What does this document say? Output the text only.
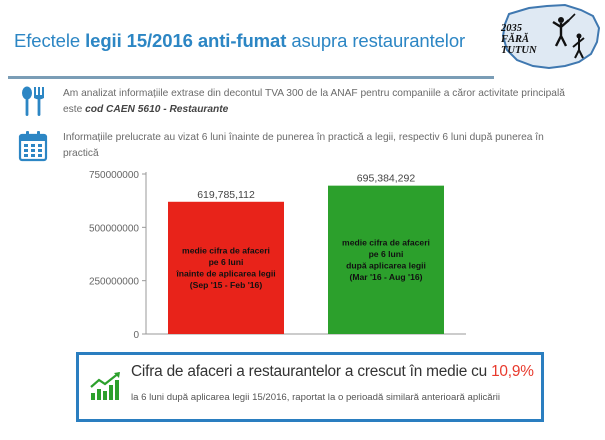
Efectele legii 15/2016 anti-fumat asupra restaurantelor
2035
FĂRĂ
TUTUN
Am analizat informațiile extrase din decontul TVA 300 de la ANAF pentru companiile a căror activitate principală este cod CAEN 5610 - Restaurante
Informațiile prelucrate au vizat 6 luni înainte de punerea în practică a legii, respectiv 6 luni după punerea în practică
0
250000000
500000000
750000000
619,785,112
medie cifra de afaceri
pe 6 luni
înainte de aplicarea legii
(Sep '15 - Feb '16)
695,384,292
medie cifra de afaceri
pe 6 luni
după aplicarea legii
(Mar '16 - Aug '16)
Cifra de afaceri a restaurantelor a crescut în medie cu 10,9%
la 6 luni după aplicarea legii 15/2016, raportat la o perioadă similară anterioară aplicării
